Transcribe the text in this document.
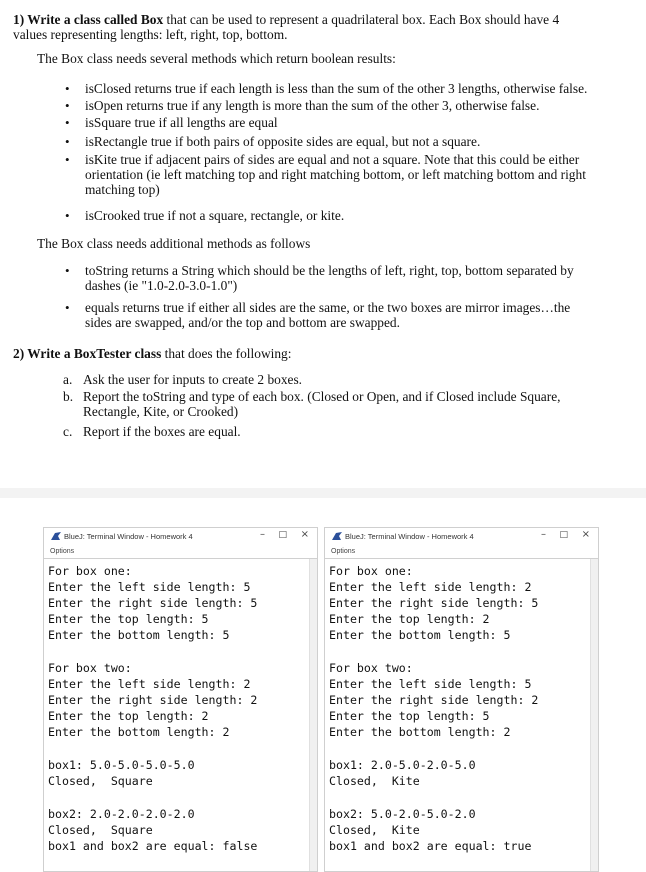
1) Write a class called Box that can be used to represent a quadrilateral box. Each Box should have 4
values representing lengths: left, right, top, bottom.
The Box class needs several methods which return boolean results:
• isClosed returns true if each length is less than the sum of the other 3 lengths, otherwise false.
• isOpen returns true if any length is more than the sum of the other 3, otherwise false.
• isSquare true if all lengths are equal
• isRectangle true if both pairs of opposite sides are equal, but not a square.
• isKite true if adjacent pairs of sides are equal and not a square. Note that this could be either
orientation (ie left matching top and right matching bottom, or left matching bottom and right
matching top)
• isCrooked true if not a square, rectangle, or kite.
The Box class needs additional methods as follows
• toString returns a String which should be the lengths of left, right, top, bottom separated by
dashes (ie "1.0-2.0-3.0-1.0")
• equals returns true if either all sides are the same, or the two boxes are mirror images…the
sides are swapped, and/or the top and bottom are swapped.
2) Write a BoxTester class that does the following:
a. Ask the user for inputs to create 2 boxes.
b. Report the toString and type of each box. (Closed or Open, and if Closed include Square,
Rectangle, Kite, or Crooked)
c. Report if the boxes are equal.
BlueJ: Terminal Window - Homework 4	– □ ×
Options
For box one:
Enter the left side length: 5
Enter the right side length: 5
Enter the top length: 5
Enter the bottom length: 5
For box two:
Enter the left side length: 2
Enter the right side length: 2
Enter the top length: 2
Enter the bottom length: 2
box1: 5.0-5.0-5.0-5.0
Closed,  Square
box2: 2.0-2.0-2.0-2.0
Closed,  Square
box1 and box2 are equal: false
BlueJ: Terminal Window - Homework 4	– □ ×
Options
For box one:
Enter the left side length: 2
Enter the right side length: 5
Enter the top length: 2
Enter the bottom length: 5
For box two:
Enter the left side length: 5
Enter the right side length: 2
Enter the top length: 5
Enter the bottom length: 2
box1: 2.0-5.0-2.0-5.0
Closed,  Kite
box2: 5.0-2.0-5.0-2.0
Closed,  Kite
box1 and box2 are equal: true
